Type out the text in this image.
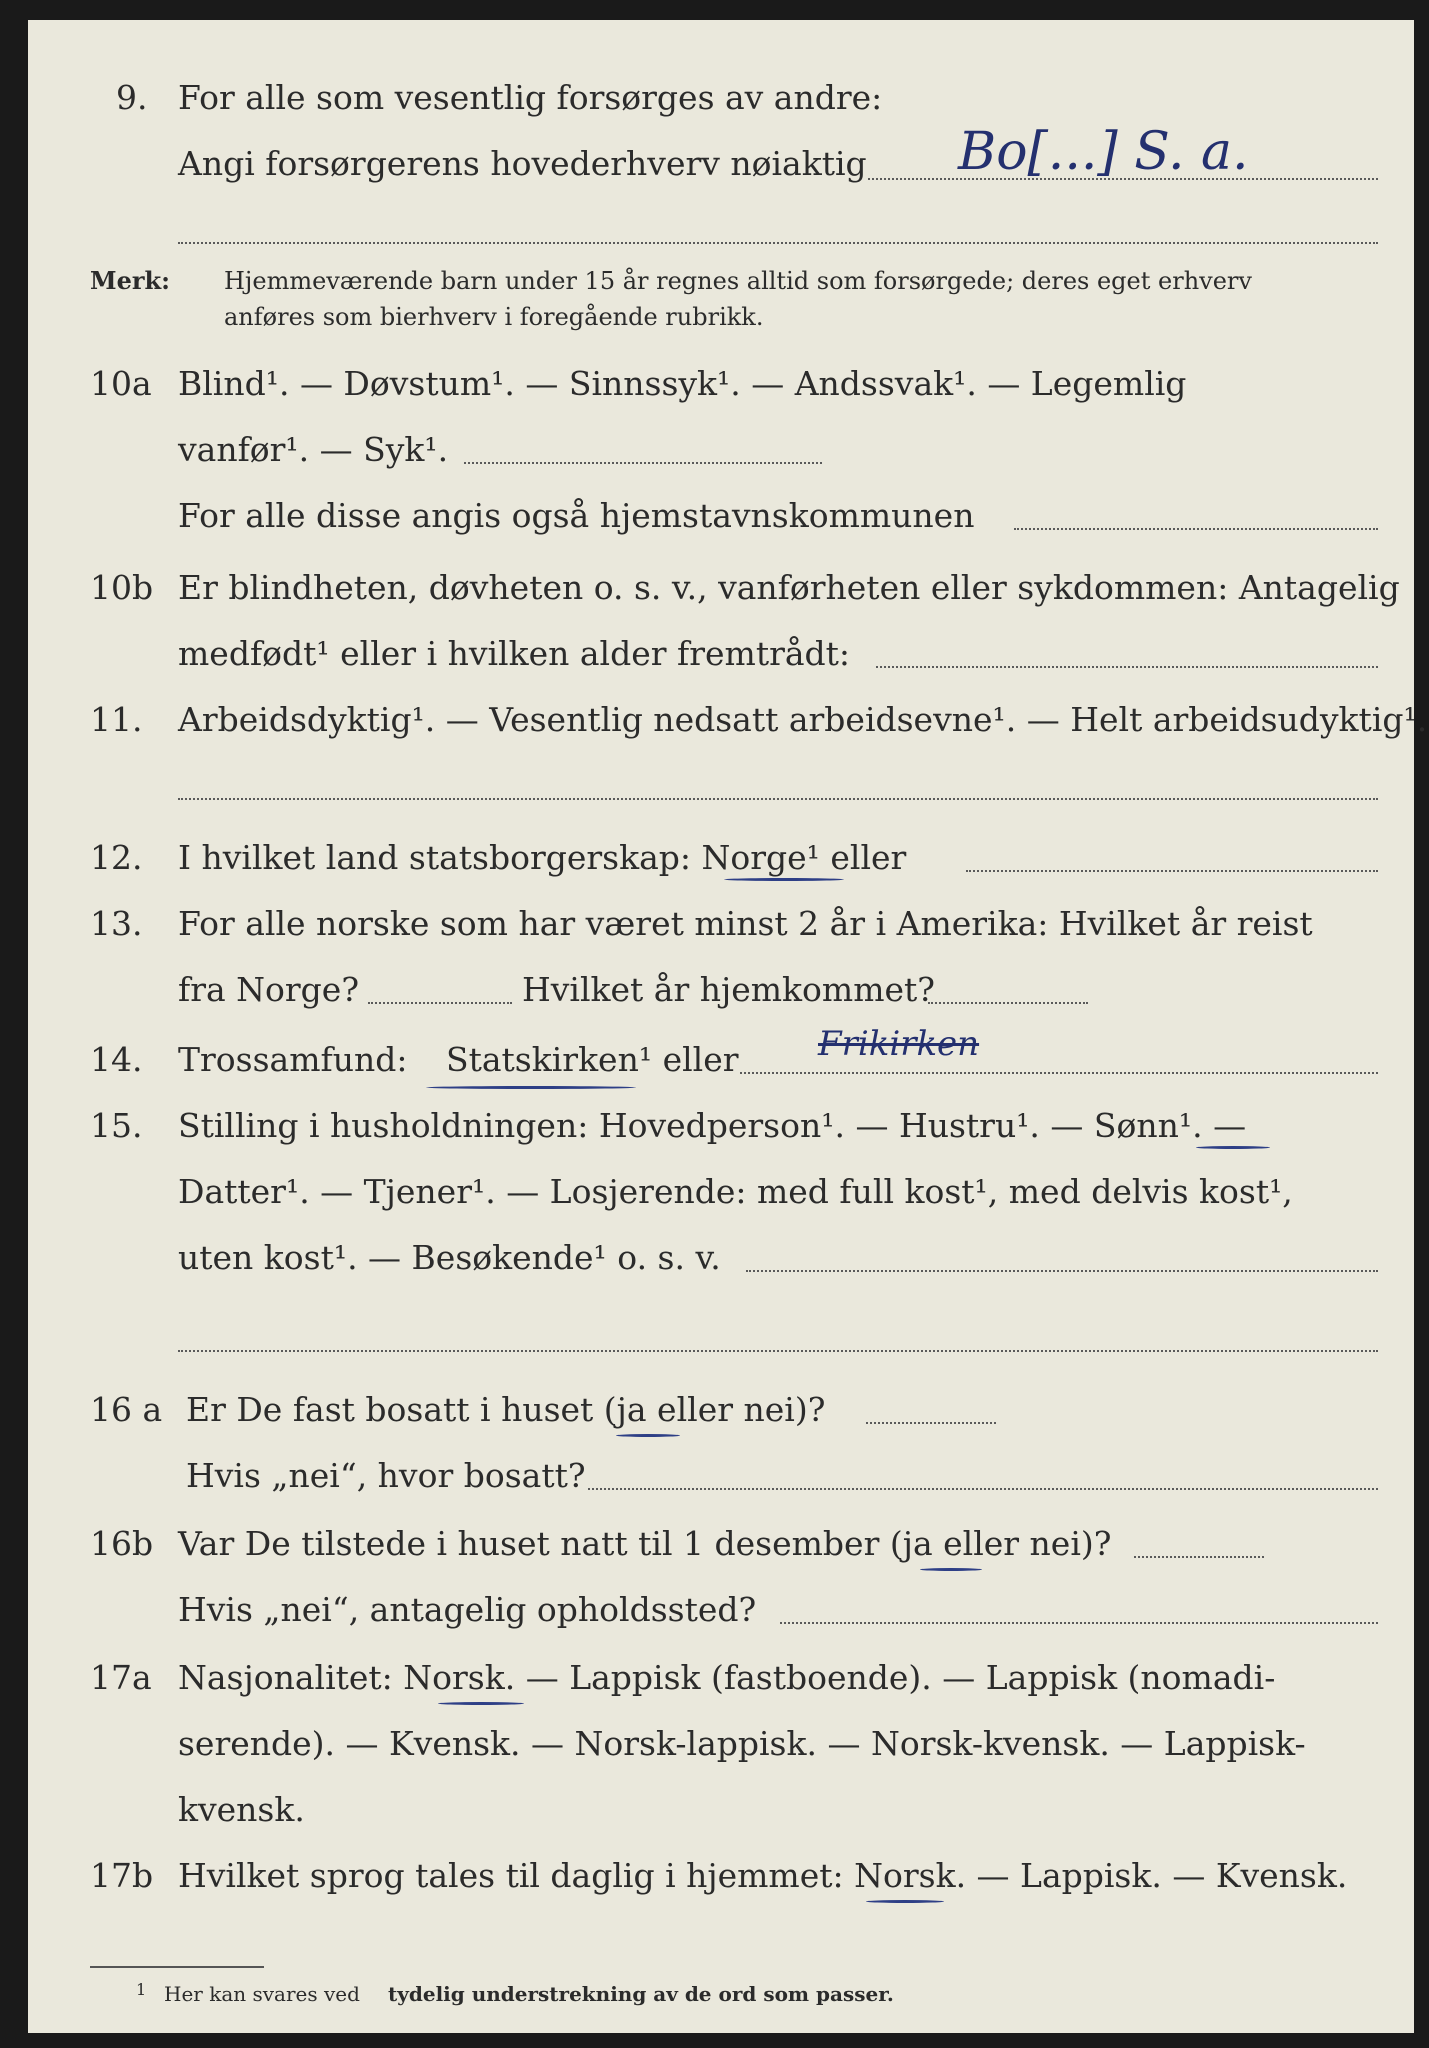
9. For alle som vesentlig forsørges av andre:
Angi forsørgerens hovederhverv nøiaktig Bo[...] S. a.
Merk: Hjemmeværende barn under 15 år regnes alltid som forsørgede; deres eget erhverv
anføres som bierhverv i foregående rubrikk.
10a Blind¹. — Døvstum¹. — Sinnssyk¹. — Andssvak¹. — Legemlig
vanfør¹. — Syk¹.
For alle disse angis også hjemstavnskommunen
10b Er blindheten, døvheten o. s. v., vanførheten eller sykdommen: Antagelig
medfødt¹ eller i hvilken alder fremtrådt:
11. Arbeidsdyktig¹. — Vesentlig nedsatt arbeidsevne¹. — Helt arbeidsudyktig¹.
12. I hvilket land statsborgerskap: Norge¹ eller
13. For alle norske som har været minst 2 år i Amerika: Hvilket år reist
fra Norge?	Hvilket år hjemkommet?
14. Trossamfund: Statskirken¹ eller Frikirken
15. Stilling i husholdningen: Hovedperson¹. — Hustru¹. — Sønn¹. —
Datter¹. — Tjener¹. — Losjerende: med full kost¹, med delvis kost¹,
uten kost¹. — Besøkende¹ o. s. v.
16 a Er De fast bosatt i huset (ja eller nei)?
Hvis „nei“, hvor bosatt?
16b Var De tilstede i huset natt til 1 desember (ja eller nei)?
Hvis „nei“, antagelig opholdssted?
17a Nasjonalitet: Norsk. — Lappisk (fastboende). — Lappisk (nomadi-
serende). — Kvensk. — Norsk-lappisk. — Norsk-kvensk. — Lappisk-
kvensk.
17b Hvilket sprog tales til daglig i hjemmet: Norsk. — Lappisk. — Kvensk.
1 Her kan svares ved tydelig understrekning av de ord som passer.
